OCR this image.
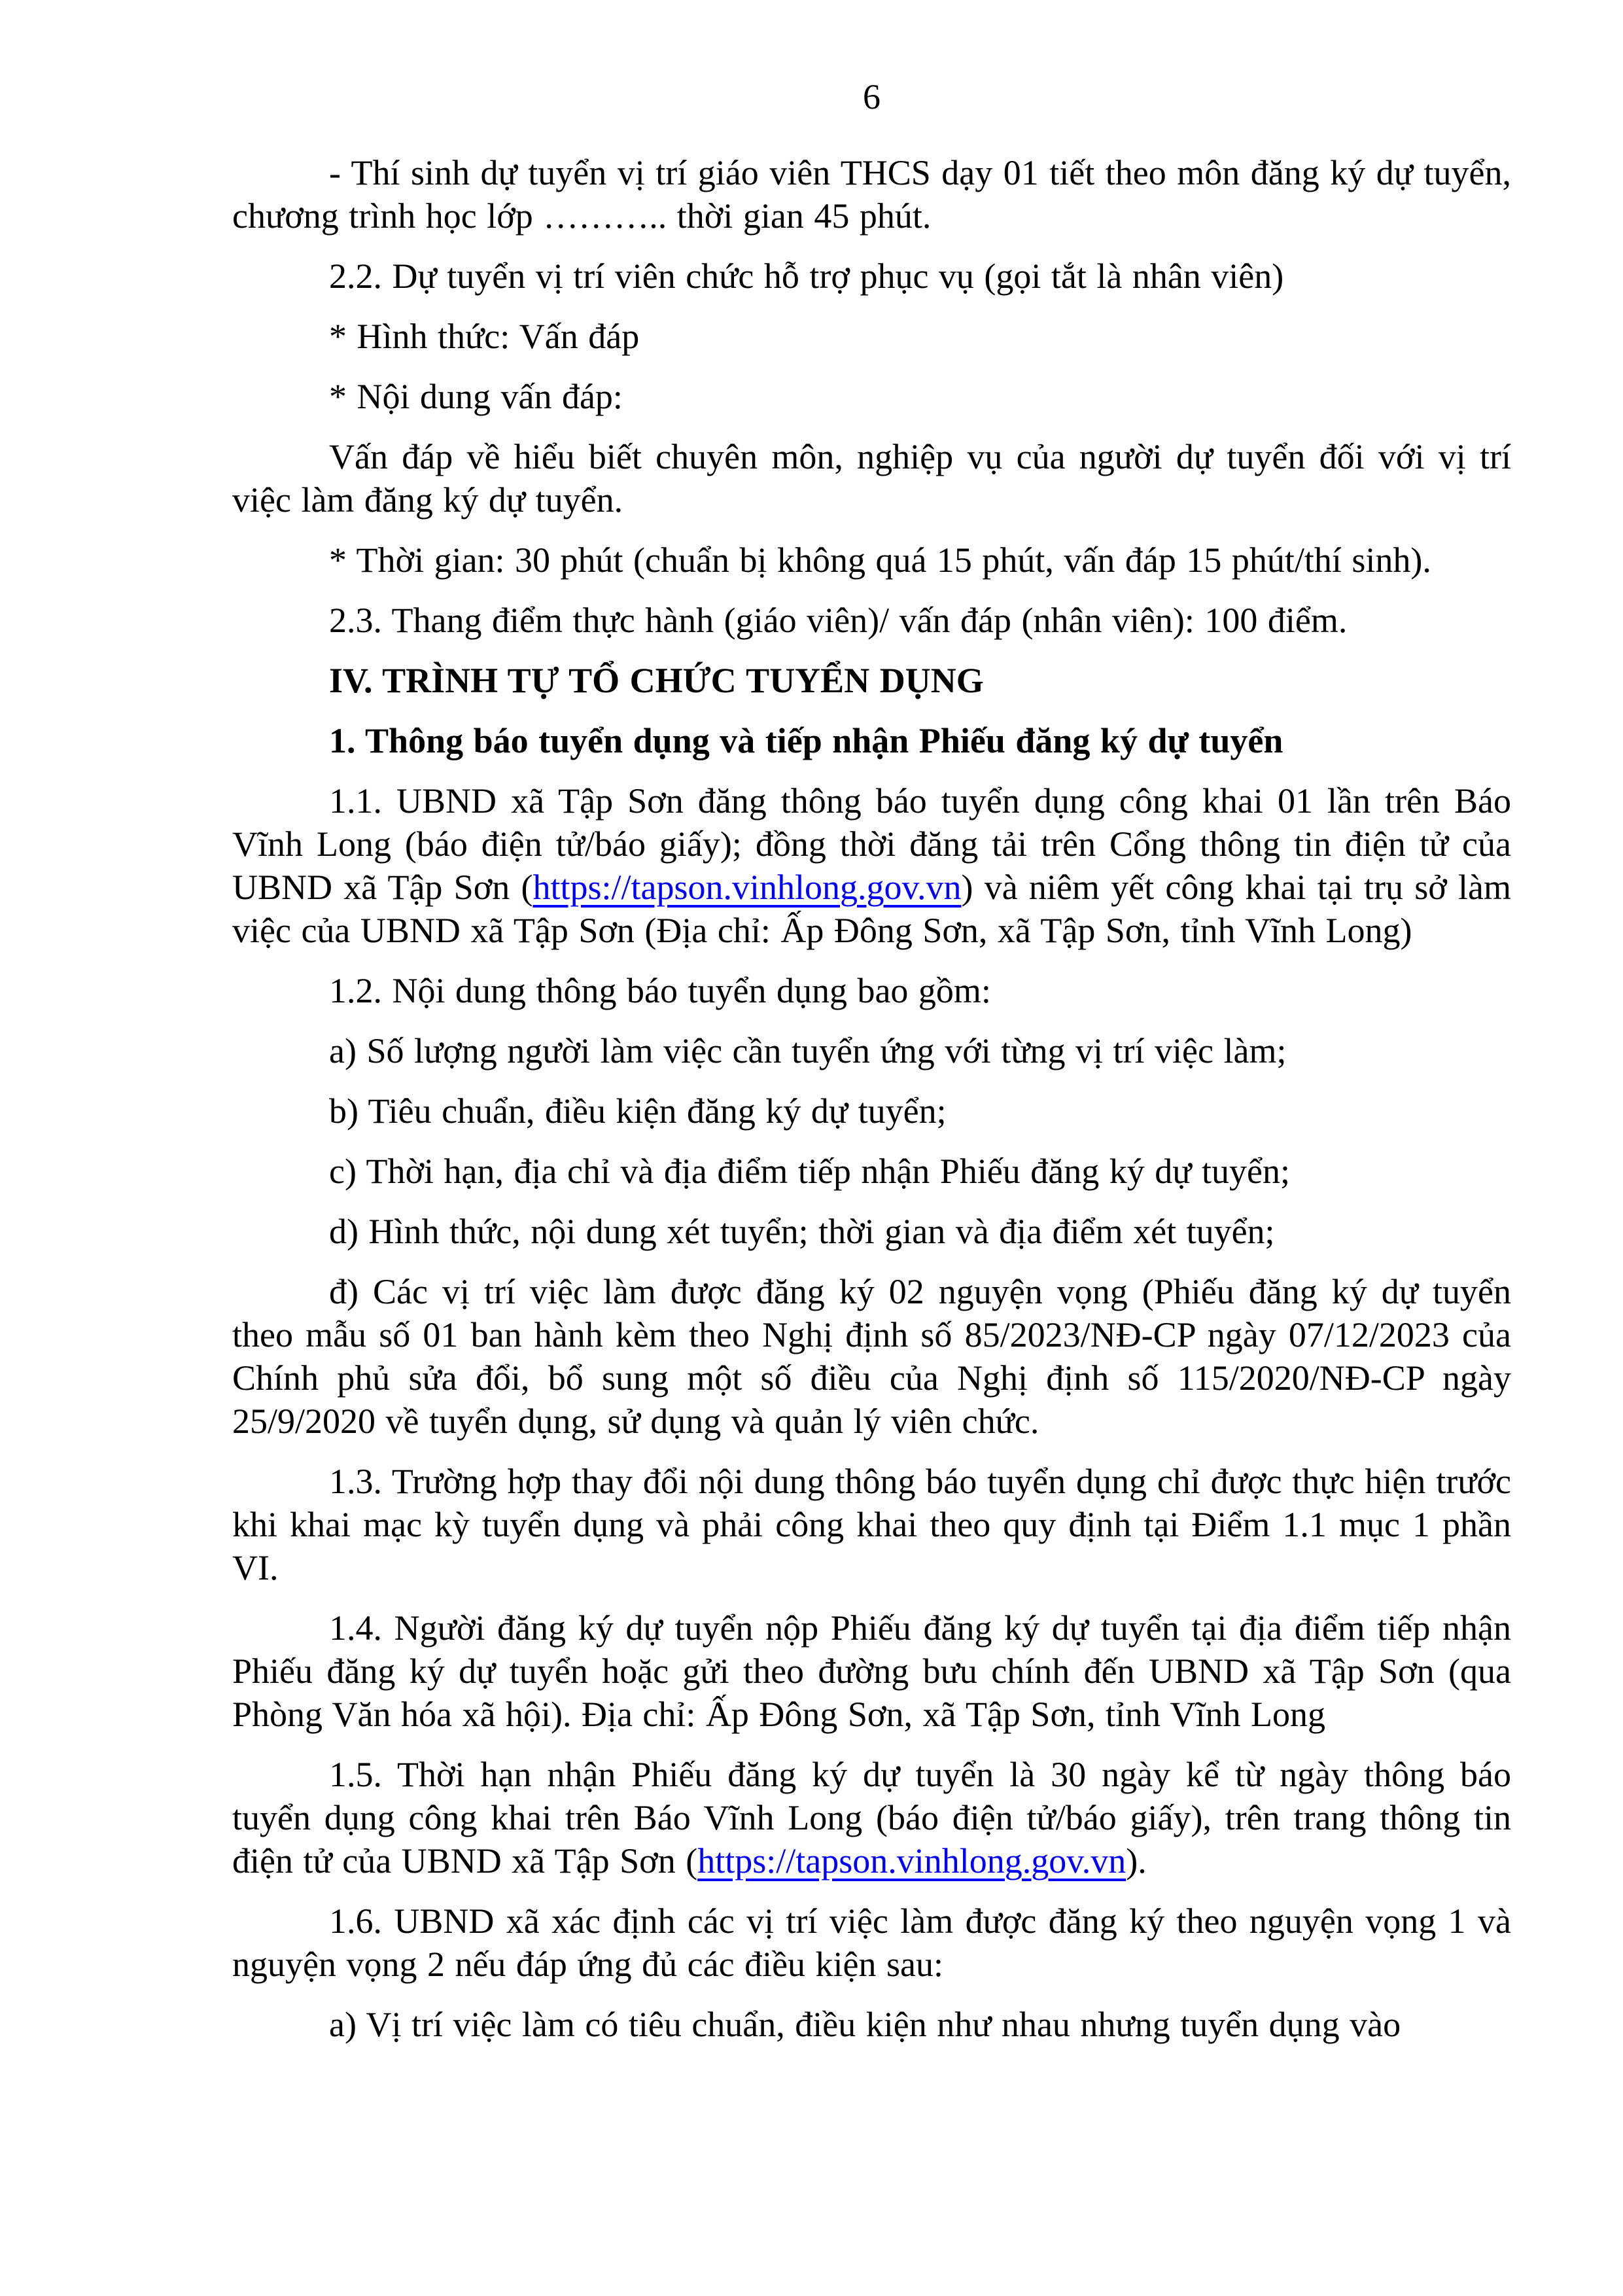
6

- Thí sinh dự tuyển vị trí giáo viên THCS dạy 01 tiết theo môn đăng ký dự tuyển, chương trình học lớp ……….. thời gian 45 phút.

2.2. Dự tuyển vị trí viên chức hỗ trợ phục vụ (gọi tắt là nhân viên)

* Hình thức: Vấn đáp

* Nội dung vấn đáp:

Vấn đáp về hiểu biết chuyên môn, nghiệp vụ của người dự tuyển đối với vị trí việc làm đăng ký dự tuyển.

* Thời gian: 30 phút (chuẩn bị không quá 15 phút, vấn đáp 15 phút/thí sinh).

2.3. Thang điểm thực hành (giáo viên)/ vấn đáp (nhân viên): 100 điểm.

IV. TRÌNH TỰ TỔ CHỨC TUYỂN DỤNG

1. Thông báo tuyển dụng và tiếp nhận Phiếu đăng ký dự tuyển

1.1. UBND xã Tập Sơn đăng thông báo tuyển dụng công khai 01 lần trên Báo Vĩnh Long (báo điện tử/báo giấy); đồng thời đăng tải trên Cổng thông tin điện tử của UBND xã Tập Sơn (https://tapson.vinhlong.gov.vn) và niêm yết công khai tại trụ sở làm việc của UBND xã Tập Sơn (Địa chỉ: Ấp Đông Sơn, xã Tập Sơn, tỉnh Vĩnh Long)

1.2. Nội dung thông báo tuyển dụng bao gồm:

a) Số lượng người làm việc cần tuyển ứng với từng vị trí việc làm;

b) Tiêu chuẩn, điều kiện đăng ký dự tuyển;

c) Thời hạn, địa chỉ và địa điểm tiếp nhận Phiếu đăng ký dự tuyển;

d) Hình thức, nội dung xét tuyển; thời gian và địa điểm xét tuyển;

đ) Các vị trí việc làm được đăng ký 02 nguyện vọng (Phiếu đăng ký dự tuyển theo mẫu số 01 ban hành kèm theo Nghị định số 85/2023/NĐ-CP ngày 07/12/2023 của Chính phủ sửa đổi, bổ sung một số điều của Nghị định số 115/2020/NĐ-CP ngày 25/9/2020 về tuyển dụng, sử dụng và quản lý viên chức.

1.3. Trường hợp thay đổi nội dung thông báo tuyển dụng chỉ được thực hiện trước khi khai mạc kỳ tuyển dụng và phải công khai theo quy định tại Điểm 1.1 mục 1 phần VI.

1.4. Người đăng ký dự tuyển nộp Phiếu đăng ký dự tuyển tại địa điểm tiếp nhận Phiếu đăng ký dự tuyển hoặc gửi theo đường bưu chính đến UBND xã Tập Sơn (qua Phòng Văn hóa xã hội). Địa chỉ: Ấp Đông Sơn, xã Tập Sơn, tỉnh Vĩnh Long

1.5. Thời hạn nhận Phiếu đăng ký dự tuyển là 30 ngày kể từ ngày thông báo tuyển dụng công khai trên Báo Vĩnh Long (báo điện tử/báo giấy), trên trang thông tin điện tử của UBND xã Tập Sơn (https://tapson.vinhlong.gov.vn).

1.6. UBND xã xác định các vị trí việc làm được đăng ký theo nguyện vọng 1 và nguyện vọng 2 nếu đáp ứng đủ các điều kiện sau:

a) Vị trí việc làm có tiêu chuẩn, điều kiện như nhau nhưng tuyển dụng vào
